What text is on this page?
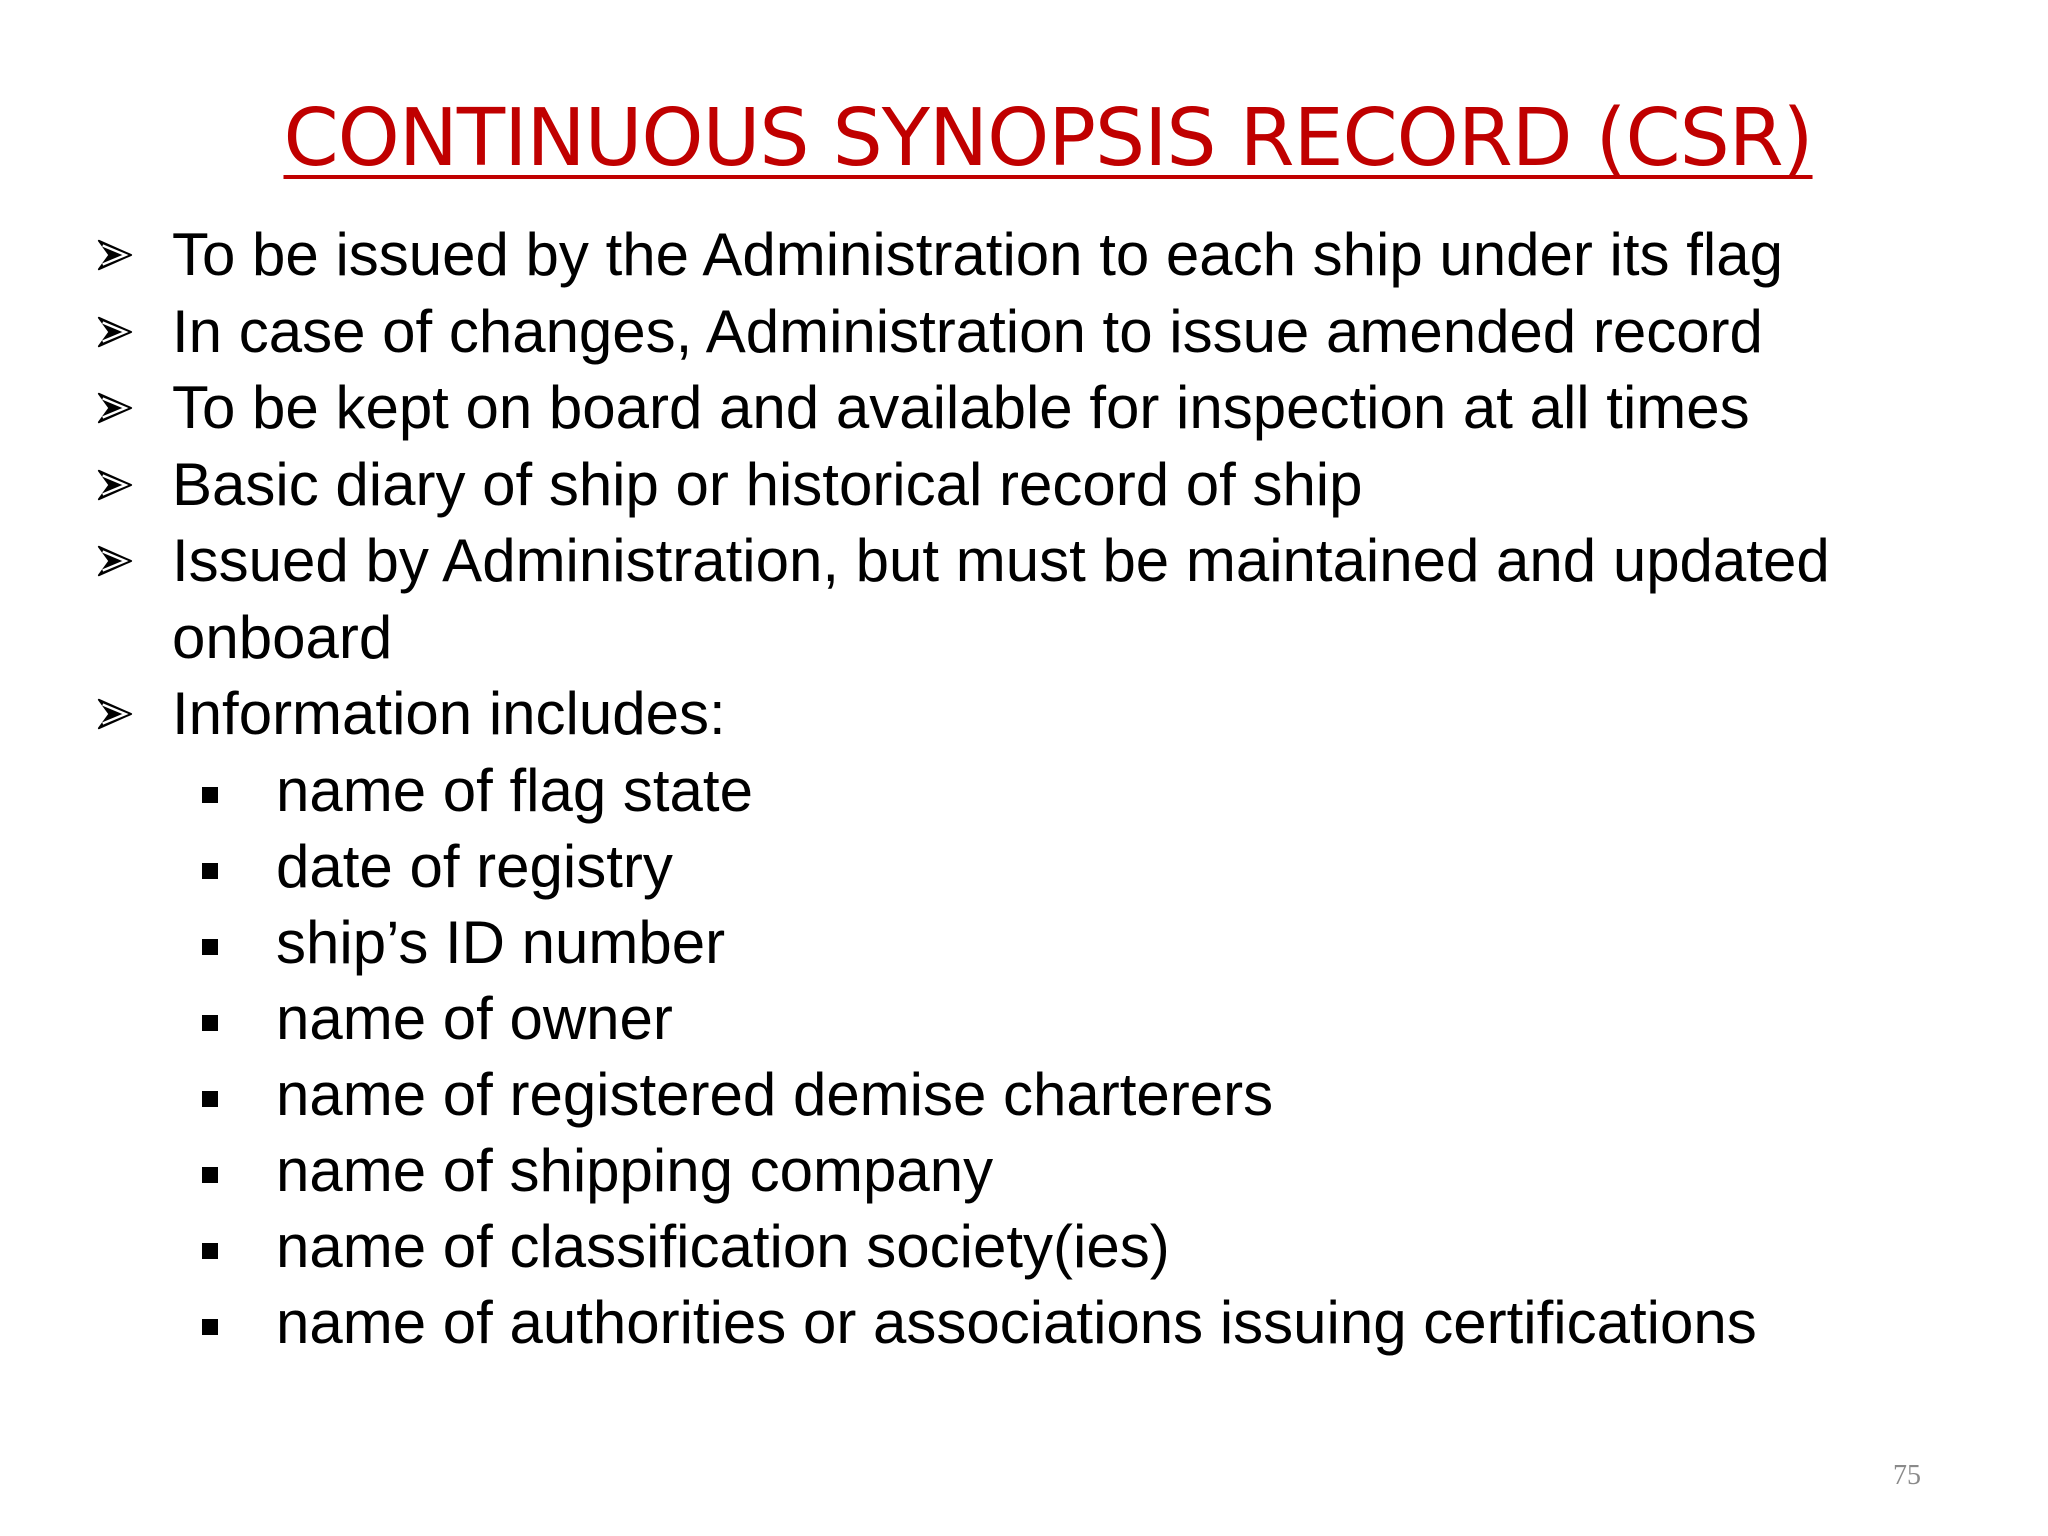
CONTINUOUS SYNOPSIS RECORD (CSR)
To be issued by the Administration to each ship under its flag
In case of changes, Administration to issue amended record
To be kept on board and available for inspection at all times
Basic diary of ship or historical record of ship
Issued by Administration, but must be maintained and updated onboard
Information includes:
name of flag state
date of registry
ship’s ID number
name of owner
name of registered demise charterers
name of shipping company
name of classification society(ies)
name of authorities or associations issuing certifications
75
